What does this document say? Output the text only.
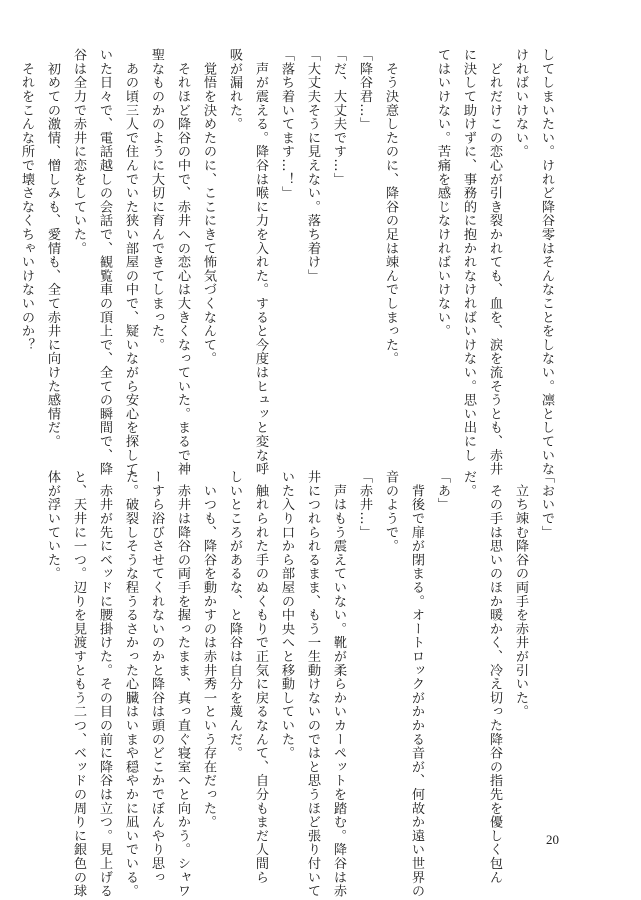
してしまいたい。けれど降谷零はそんなことをしない。凛としていな
ければいけない。
　どれだけこの恋心が引き裂かれても、血を、涙を流そうとも、赤井
に決して助けずに、事務的に抱かれなければいけない。思い出にし
てはいけない。苦痛を感じなければいけない。
　そう決意したのに、降谷の足は竦んでしまった。
「降谷君…」
「だ、大丈夫です…」
「大丈夫そうに見えない。落ち着け」
「落ち着いてます…！」
　声が震える。降谷は喉に力を入れた。すると今度はヒュッと変な呼
吸が漏れた。
　覚悟を決めたのに、ここにきて怖気づくなんて。
　それほど降谷の中で、赤井への恋心は大きくなっていた。まるで神
聖なものかのように大切に育んできてしまった。
　あの頃三人で住んでいた狭い部屋の中で、疑いながら安心を探して
いた日々で、電話越しの会話で、観覧車の頂上で、全ての瞬間で、降
谷は全力で赤井に恋をしていた。
　初めての激情、憎しみも、愛情も、全て赤井に向けた感情だ。
　それをこんな所で壊さなくちゃいけないのか？
「おいで」
　立ち竦む降谷の両手を赤井が引いた。
　その手は思いのほか暖かく、冷え切った降谷の指先を優しく包ん
だ。
「あ」
　背後で扉が閉まる。オートロックがかかる音が、何故か遠い世界の
音のようで。
「赤井…」
　声はもう震えていない。靴が柔らかいカーペットを踏む。降谷は赤
井につれられるまま、もう一生動けないのではと思うほど張り付いて
いた入り口から部屋の中央へと移動していた。
　触れられた手のぬくもりで正気に戻るなんて、自分もまだ人間ら
しいところがあるな、と降谷は自分を蔑んだ。
　いつも、降谷を動かすのは赤井秀一という存在だった。
　赤井は降谷の両手を握ったまま、真っ直ぐ寝室へと向かう。シャワ
ーすら浴びさせてくれないのかと降谷は頭のどこかでぼんやり思っ
た。破裂しそうな程うるさかった心臓はいまや穏やかに凪いでいる。
　赤井が先にベッドに腰掛けた。その目の前に降谷は立つ。見上げる
と、天井に一つ。辺りを見渡すともう二つ、ベッドの周りに銀色の球
体が浮いていた。
20
